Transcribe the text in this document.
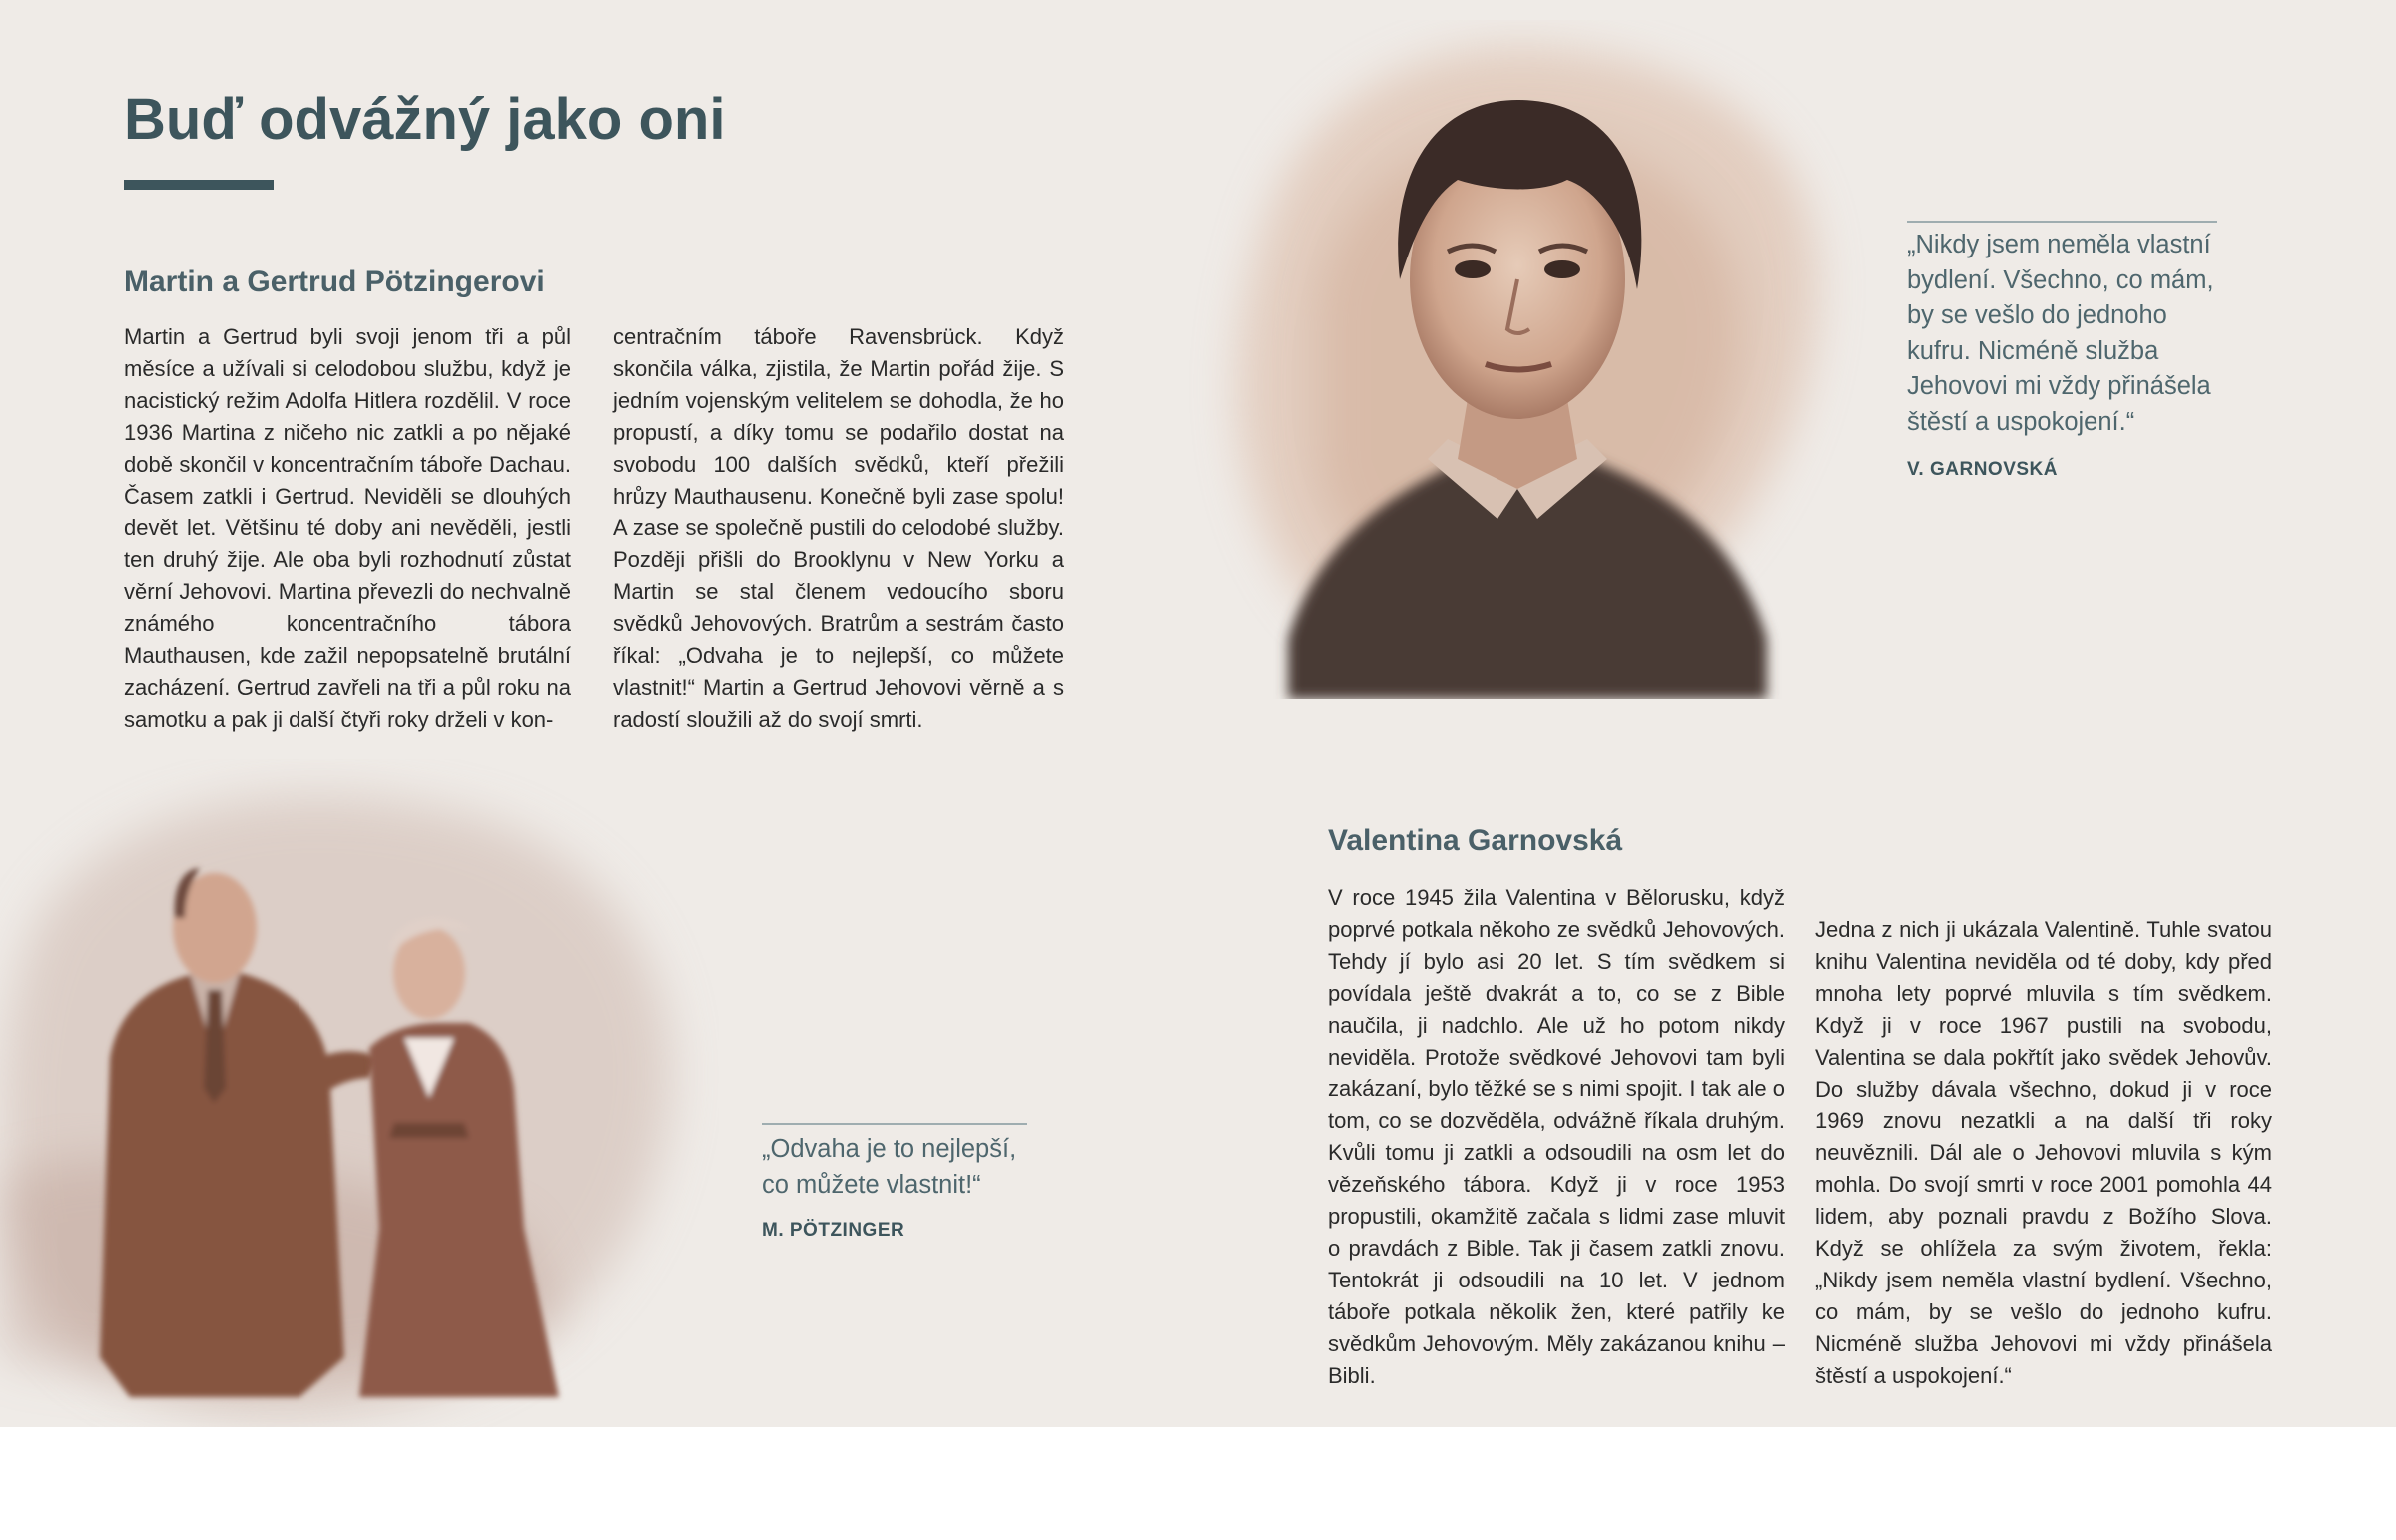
Buď odvážný jako oni
Martin a Gertrud Pötzingerovi

Martin a Gertrud byli svoji jenom tři a půl měsíce a užívali si celodobou službu, když je nacistický režim Adolfa Hitlera rozdělil. V roce 1936 Martina z ničeho nic zatkli a po nějaké době skončil v koncentračním táboře Dachau. Časem zatkli i Gertrud. Neviděli se dlouhých devět let. Většinu té doby ani nevěděli, jestli ten druhý žije. Ale oba byli rozhodnutí zůstat věrní Jehovovi. Martina převezli do nechvalně známého koncentračního tábora Mauthausen, kde zažil nepopsatelně brutální zacházení. Gertrud zavřeli na tři a půl roku na samotku a pak ji další čtyři roky drželi v kon-

centračním táboře Ravensbrück. Když skončila válka, zjistila, že Martin pořád žije. S jedním vojenským velitelem se dohodla, že ho propustí, a díky tomu se podařilo dostat na svobodu 100 dalších svědků, kteří přežili hrůzy Mauthausenu. Konečně byli zase spolu! A zase se společně pustili do celodobé služby. Později přišli do Brooklynu v New Yorku a Martin se stal členem vedoucího sboru svědků Jehovových. Bratrům a sestrám často říkal: „Odvaha je to nejlepší, co můžete vlastnit!“ Martin a Gertrud Jehovovi věrně a s radostí sloužili až do svojí smrti.

„Nikdy jsem neměla vlastní bydlení. Všechno, co mám, by se vešlo do jednoho kufru. Nicméně služba Jehovovi mi vždy přinášela štěstí a uspokojení.“

V. GARNOVSKÁ

„Odvaha je to nejlepší, co můžete vlastnit!“

M. PÖTZINGER

Valentina Garnovská

V roce 1945 žila Valentina v Bělorusku, když poprvé potkala někoho ze svědků Jehovových. Tehdy jí bylo asi 20 let. S tím svědkem si povídala ještě dvakrát a to, co se z Bible naučila, ji nadchlo. Ale už ho potom nikdy neviděla. Protože svědkové Jehovovi tam byli zakázaní, bylo těžké se s nimi spojit. I tak ale o tom, co se dozvěděla, odvážně říkala druhým. Kvůli tomu ji zatkli a odsoudili na osm let do vězeňského tábora. Když ji v roce 1953 propustili, okamžitě začala s lidmi zase mluvit o pravdách z Bible. Tak ji časem zatkli znovu. Tentokrát ji odsoudili na 10 let. V jednom táboře potkala několik žen, které patřily ke svědkům Jehovovým. Měly zakázanou knihu – Bibli.

Jedna z nich ji ukázala Valentině. Tuhle svatou knihu Valentina neviděla od té doby, kdy před mnoha lety poprvé mluvila s tím svědkem. Když ji v roce 1967 pustili na svobodu, Valentina se dala pokřtít jako svědek Jehovův. Do služby dávala všechno, dokud ji v roce 1969 znovu nezatkli a na další tři roky neuvěznili. Dál ale o Jehovovi mluvila s kým mohla. Do svojí smrti v roce 2001 pomohla 44 lidem, aby poznali pravdu z Božího Slova. Když se ohlížela za svým životem, řekla: „Nikdy jsem neměla vlastní bydlení. Všechno, co mám, by se vešlo do jednoho kufru. Nicméně služba Jehovovi mi vždy přinášela štěstí a uspokojení.“
